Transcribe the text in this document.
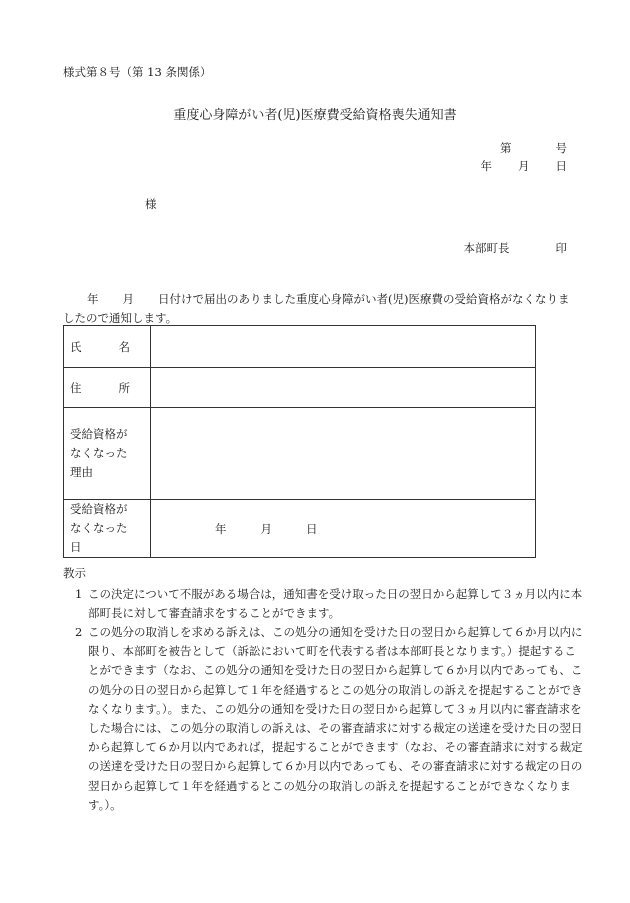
様式第８号（第 13 条関係）
重度心身障がい者(児)医療費受給資格喪失通知書
第	号
年 月 日
様
本部町長	印
年 月 日付けで届出のありました重度心身障がい者(児)医療費の受給資格がなくなりましたので通知します。
氏 名	

住 所	

受給資格がなくなった理由	

受給資格がなくなった日	年 月 日
教示
1 この決定について不服がある場合は，通知書を受け取った日の翌日から起算して３ヵ月以内に本部町長に対して審査請求をすることができます。
2 この処分の取消しを求める訴えは、この処分の通知を受けた日の翌日から起算して６か月以内に限り、本部町を被告として（訴訟において町を代表する者は本部町長となります。）提起することができます（なお、この処分の通知を受けた日の翌日から起算して６か月以内であっても、この処分の日の翌日から起算して１年を経過するとこの処分の取消しの訴えを提起することができなくなります。）。また、この処分の通知を受けた日の翌日から起算して３ヵ月以内に審査請求をした場合には、この処分の取消しの訴えは、その審査請求に対する裁定の送達を受けた日の翌日から起算して６か月以内であれば，提起することができます（なお、その審査請求に対する裁定の送達を受けた日の翌日から起算して６か月以内であっても、その審査請求に対する裁定の日の翌日から起算して１年を経過するとこの処分の取消しの訴えを提起することができなくなります。）。
